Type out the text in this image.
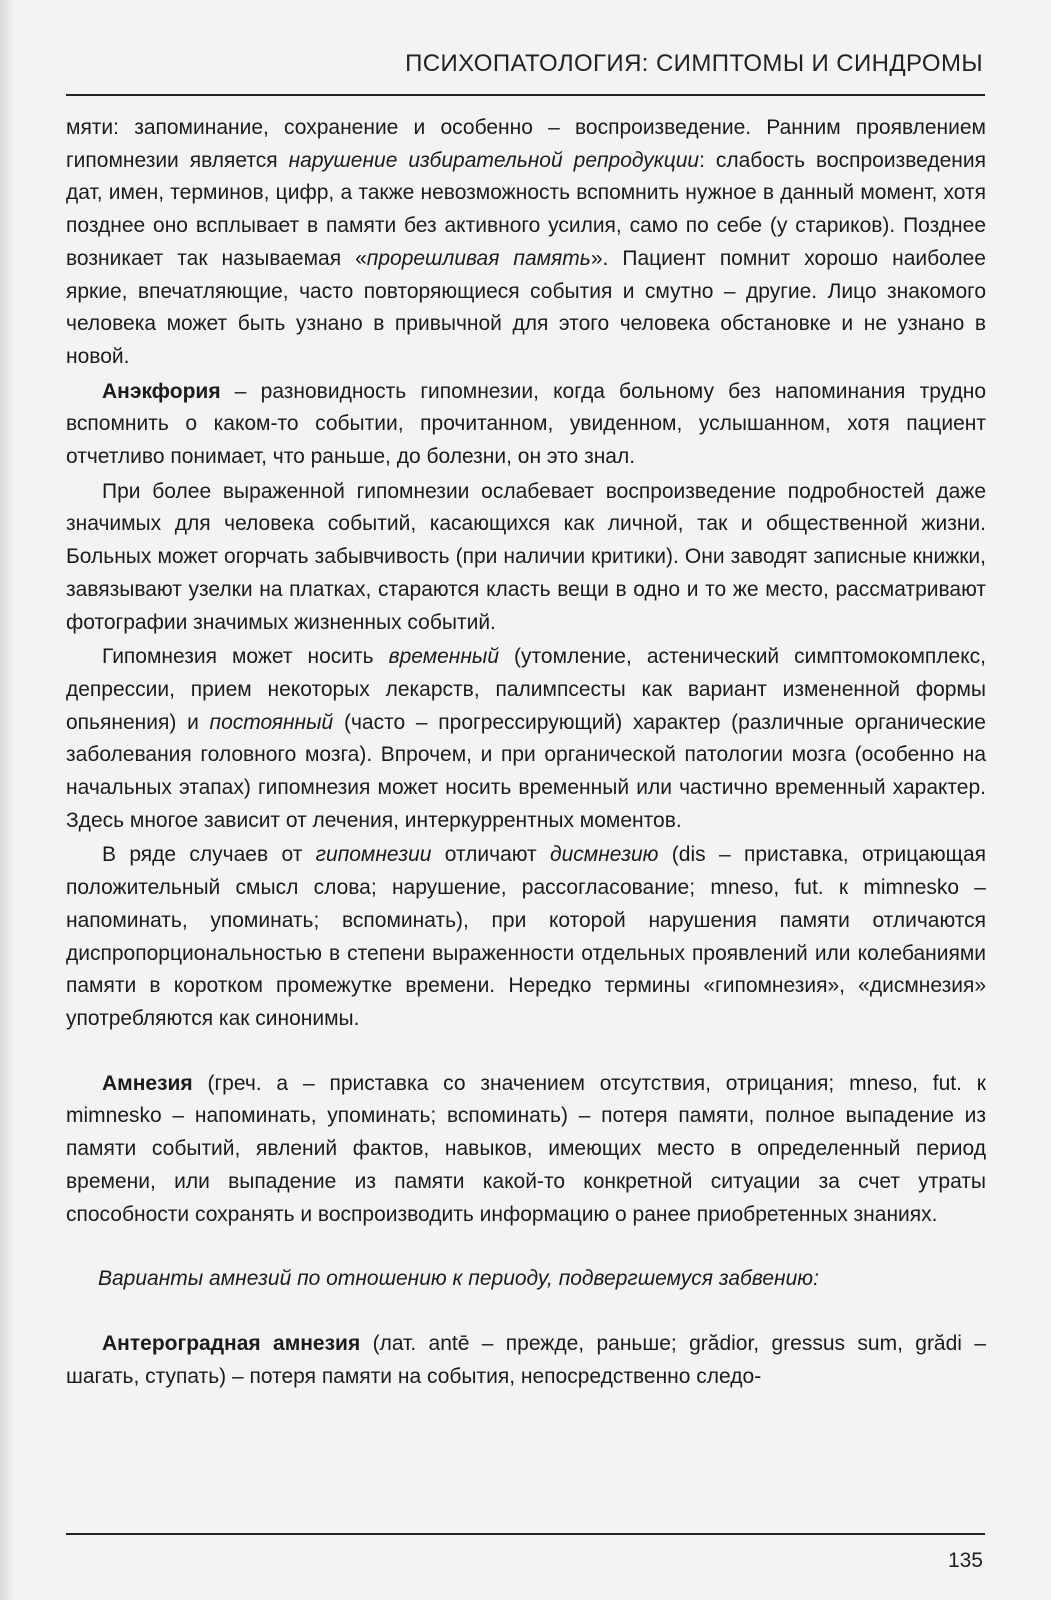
ПСИХОПАТОЛОГИЯ: СИМПТОМЫ И СИНДРОМЫ

мяти: запоминание, сохранение и особенно – воспроизведение. Ранним проявлением гипомнезии является нарушение избирательной репродукции: слабость воспроизведения дат, имен, терминов, цифр, а также невозможность вспомнить нужное в данный момент, хотя позднее оно всплывает в памяти без активного усилия, само по себе (у стариков). Позднее возникает так называемая «прорешливая память». Пациент помнит хорошо наиболее яркие, впечатляющие, часто повторяющиеся события и смутно – другие. Лицо знакомого человека может быть узнано в привычной для этого человека обстановке и не узнано в новой.

Анэкфория – разновидность гипомнезии, когда больному без напоминания трудно вспомнить о каком-то событии, прочитанном, увиденном, услышанном, хотя пациент отчетливо понимает, что раньше, до болезни, он это знал.

При более выраженной гипомнезии ослабевает воспроизведение подробностей даже значимых для человека событий, касающихся как личной, так и общественной жизни. Больных может огорчать забывчивость (при наличии критики). Они заводят записные книжки, завязывают узелки на платках, стараются класть вещи в одно и то же место, рассматривают фотографии значимых жизненных событий.

Гипомнезия может носить временный (утомление, астенический симптомокомплекс, депрессии, прием некоторых лекарств, палимпсесты как вариант измененной формы опьянения) и постоянный (часто – прогрессирующий) характер (различные органические заболевания головного мозга). Впрочем, и при органической патологии мозга (особенно на начальных этапах) гипомнезия может носить временный или частично временный характер. Здесь многое зависит от лечения, интеркуррентных моментов.

В ряде случаев от гипомнезии отличают дисмнезию (dis – приставка, отрицающая положительный смысл слова; нарушение, рассогласование; mneso, fut. к mimnesko – напоминать, упоминать; вспоминать), при которой нарушения памяти отличаются диспропорциональностью в степени выраженности отдельных проявлений или колебаниями памяти в коротком промежутке времени. Нередко термины «гипомнезия», «дисмнезия» употребляются как синонимы.

Амнезия (греч. a – приставка со значением отсутствия, отрицания; mneso, fut. к mimnesko – напоминать, упоминать; вспоминать) – потеря памяти, полное выпадение из памяти событий, явлений фактов, навыков, имеющих место в определенный период времени, или выпадение из памяти какой-то конкретной ситуации за счет утраты способности сохранять и воспроизводить информацию о ранее приобретенных знаниях.

Варианты амнезий по отношению к периоду, подвергшемуся забвению:

Антероградная амнезия (лат. antē – прежде, раньше; grădior, gressus sum, grădi – шагать, ступать) – потеря памяти на события, непосредственно следо-

135
